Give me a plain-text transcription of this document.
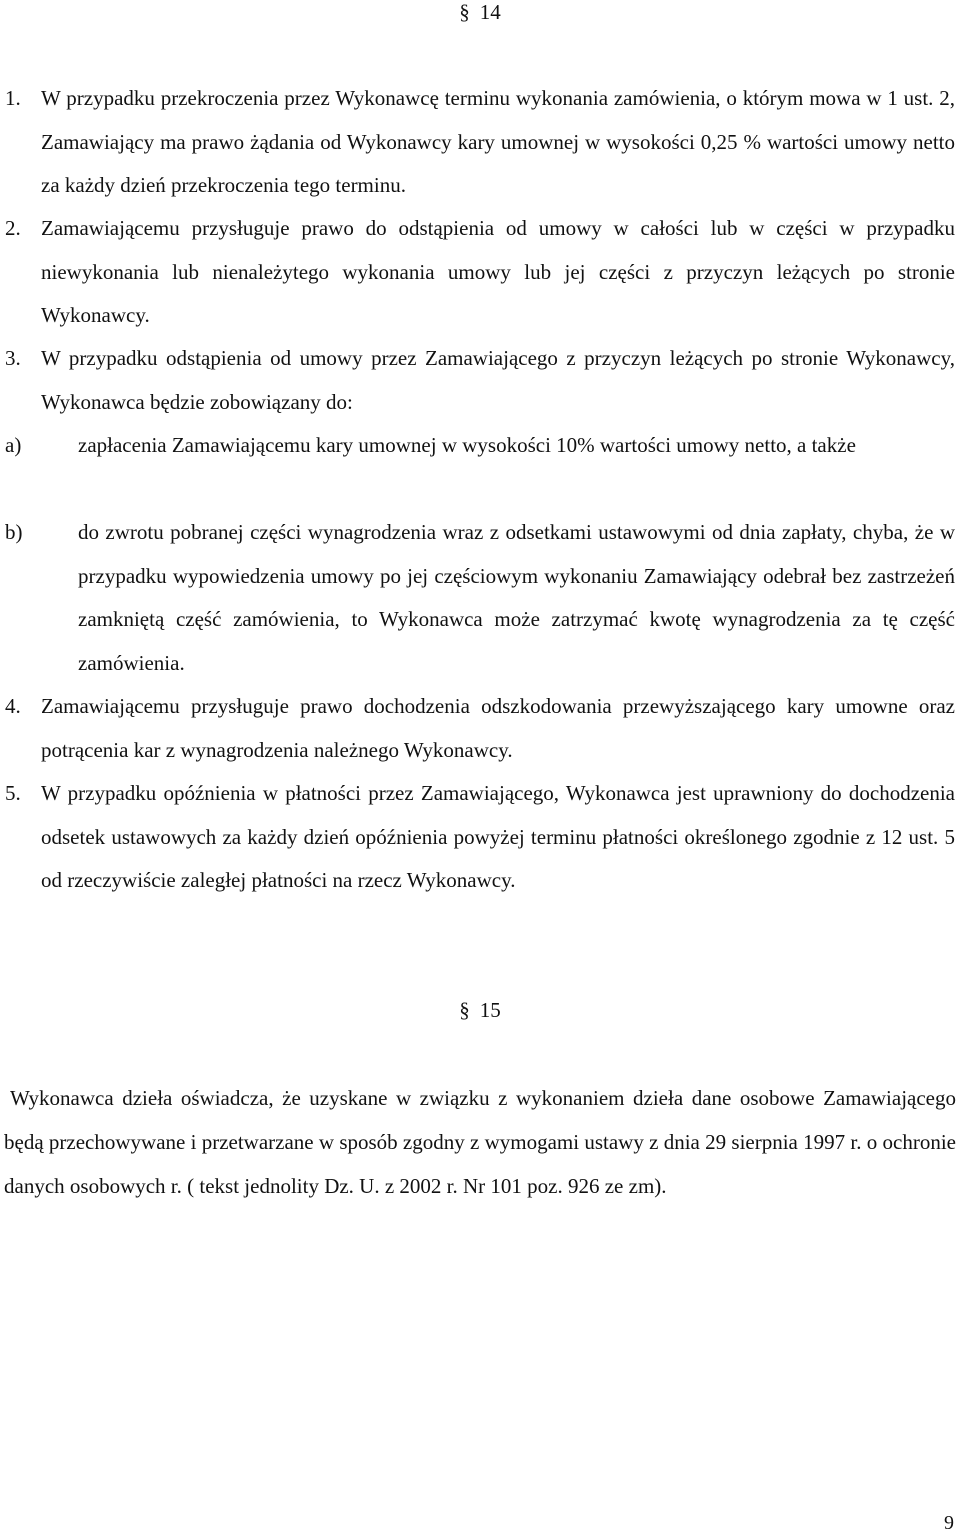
§ 14
1. W przypadku przekroczenia przez Wykonawcę terminu wykonania zamówienia, o którym mowa w 1 ust. 2, Zamawiający ma prawo żądania od Wykonawcy kary umownej w wysokości 0,25 % wartości umowy netto za każdy dzień przekroczenia tego terminu.
2. Zamawiającemu przysługuje prawo do odstąpienia od umowy w całości lub w części w przypadku niewykonania lub nienależytego wykonania umowy lub jej części z przyczyn leżących po stronie Wykonawcy.
3. W przypadku odstąpienia od umowy przez Zamawiającego z przyczyn leżących po stronie Wykonawcy, Wykonawca będzie zobowiązany do:
a)	zapłacenia Zamawiającemu kary umownej w wysokości 10% wartości umowy netto, a także
b)	do zwrotu pobranej części wynagrodzenia wraz z odsetkami ustawowymi od dnia zapłaty, chyba, że w przypadku wypowiedzenia umowy po jej częściowym wykonaniu Zamawiający odebrał bez zastrzeżeń zamkniętą część zamówienia, to Wykonawca może zatrzymać kwotę wynagrodzenia za tę część zamówienia.
4. Zamawiającemu przysługuje prawo dochodzenia odszkodowania przewyższającego kary umowne oraz potrącenia kar z wynagrodzenia należnego Wykonawcy.
5. W przypadku opóźnienia w płatności przez Zamawiającego, Wykonawca jest uprawniony do dochodzenia odsetek ustawowych za każdy dzień opóźnienia powyżej terminu płatności określonego zgodnie z 12 ust. 5 od rzeczywiście zaległej płatności na rzecz Wykonawcy.
§ 15
Wykonawca dzieła oświadcza, że uzyskane w związku z wykonaniem dzieła dane osobowe Zamawiającego będą przechowywane i przetwarzane w sposób zgodny z wymogami ustawy z dnia 29 sierpnia 1997 r. o ochronie danych osobowych r. ( tekst jednolity Dz. U. z 2002 r. Nr 101 poz. 926 ze zm).
9
